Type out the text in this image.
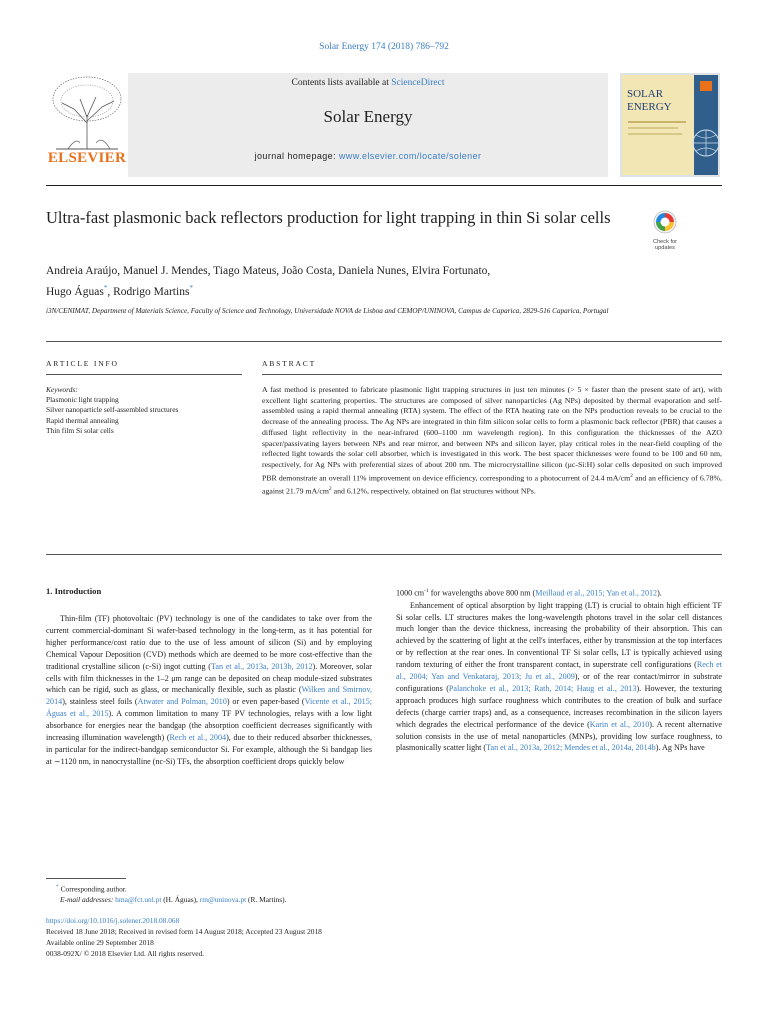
Solar Energy 174 (2018) 786–792
ELSEVIER
Contents lists available at ScienceDirect
Solar Energy
journal homepage: www.elsevier.com/locate/solener
SOLAR
ENERGY
Ultra-fast plasmonic back reflectors production for light trapping in thin Si solar cells
Check for updates
Andreia Araújo, Manuel J. Mendes, Tiago Mateus, João Costa, Daniela Nunes, Elvira Fortunato,
Hugo Águas*, Rodrigo Martins*
i3N/CENIMAT, Department of Materials Science, Faculty of Science and Technology, Universidade NOVA de Lisboa and CEMOP/UNINOVA, Campus de Caparica, 2829-516 Caparica, Portugal
ARTICLE INFO	ABSTRACT
Keywords:
Plasmonic light trapping
Silver nanoparticle self-assembled structures
Rapid thermal annealing
Thin film Si solar cells
A fast method is presented to fabricate plasmonic light trapping structures in just ten minutes (> 5 × faster than the present state of art), with excellent light scattering properties. The structures are composed of silver nanoparticles (Ag NPs) deposited by thermal evaporation and self-assembled using a rapid thermal annealing (RTA) system. The effect of the RTA heating rate on the NPs production reveals to be crucial to the decrease of the annealing process. The Ag NPs are integrated in thin film silicon solar cells to form a plasmonic back reflector (PBR) that causes a diffused light reflectivity in the near-infrared (600–1100 nm wavelength region). In this configuration the thicknesses of the AZO spacer/passivating layers between NPs and rear mirror, and between NPs and silicon layer, play critical roles in the near-field coupling of the reflected light towards the solar cell absorber, which is investigated in this work. The best spacer thicknesses were found to be 100 and 60 nm, respectively, for Ag NPs with preferential sizes of about 200 nm. The microcrystalline silicon (μc-Si:H) solar cells deposited on such improved PBR demonstrate an overall 11% improvement on device efficiency, corresponding to a photocurrent of 24.4 $mA/cm^2$ and an efficiency of 6.78%, against 21.79 $mA/cm^2$ and 6.12%, respectively, obtained on flat structures without NPs.
1. Introduction

Thin-film (TF) photovoltaic (PV) technology is one of the candidates to take over from the current commercial-dominant Si wafer-based technology in the long-term, as it has potential for higher performance/cost ratio due to the use of less amount of silicon (Si) and by employing Chemical Vapour Deposition (CVD) methods which are deemed to be more cost-effective than the traditional crystalline silicon (c-Si) ingot cutting (Tan et al., 2013a, 2013b, 2012). Moreover, solar cells with film thicknesses in the 1–2 μm range can be deposited on cheap module-sized substrates which can be rigid, such as glass, or mechanically flexible, such as plastic (Wilken and Smirnov, 2014), stainless steel foils (Atwater and Polman, 2010) or even paper-based (Vicente et al., 2015; Águas et al., 2015). A common limitation to many TF PV technologies, relays with a low light absorbance for energies near the bandgap (the absorption coefficient decreases significantly with increasing illumination wavelength) (Rech et al., 2004), due to their reduced absorber thicknesses, in particular for the indirect-bandgap semiconductor Si. For example, although the Si bandgap lies at ∼1120 nm, in nanocrystalline (nc-Si) TFs, the absorption coefficient drops quickly below

1000 $cm^{-1}$ for wavelengths above 800 nm (Meillaud et al., 2015; Yan et al., 2012).

Enhancement of optical absorption by light trapping (LT) is crucial to obtain high efficient TF Si solar cells. LT structures makes the long-wavelength photons travel in the solar cell distances much longer than the device thickness, increasing the probability of their absorption. This can achieved by the scattering of light at the cell's interfaces, either by transmission at the top interfaces or by reflection at the rear ones. In conventional TF Si solar cells, LT is typically achieved using random texturing of either the front transparent contact, in superstrate cell configurations (Rech et al., 2004; Yan and Venkataraj, 2013; Ju et al., 2009), or of the rear contact/mirror in substrate configurations (Palanchoke et al., 2013; Rath, 2014; Haug et al., 2013). However, the texturing approach produces high surface roughness which contributes to the creation of bulk and surface defects (charge carrier traps) and, as a consequence, increases recombination in the silicon layers which degrades the electrical performance of the device (Karin et al., 2010). A recent alternative solution consists in the use of metal nanoparticles (MNPs), providing low surface roughness, to plasmonically scatter light (Tan et al., 2013a, 2012; Mendes et al., 2014a, 2014b). Ag NPs have

* Corresponding author.
E-mail addresses: hma@fct.unl.pt (H. Águas), rm@uninova.pt (R. Martins).
https://doi.org/10.1016/j.solener.2018.08.068
Received 18 June 2018; Received in revised form 14 August 2018; Accepted 23 August 2018
Available online 29 September 2018
0038-092X/ © 2018 Elsevier Ltd. All rights reserved.
